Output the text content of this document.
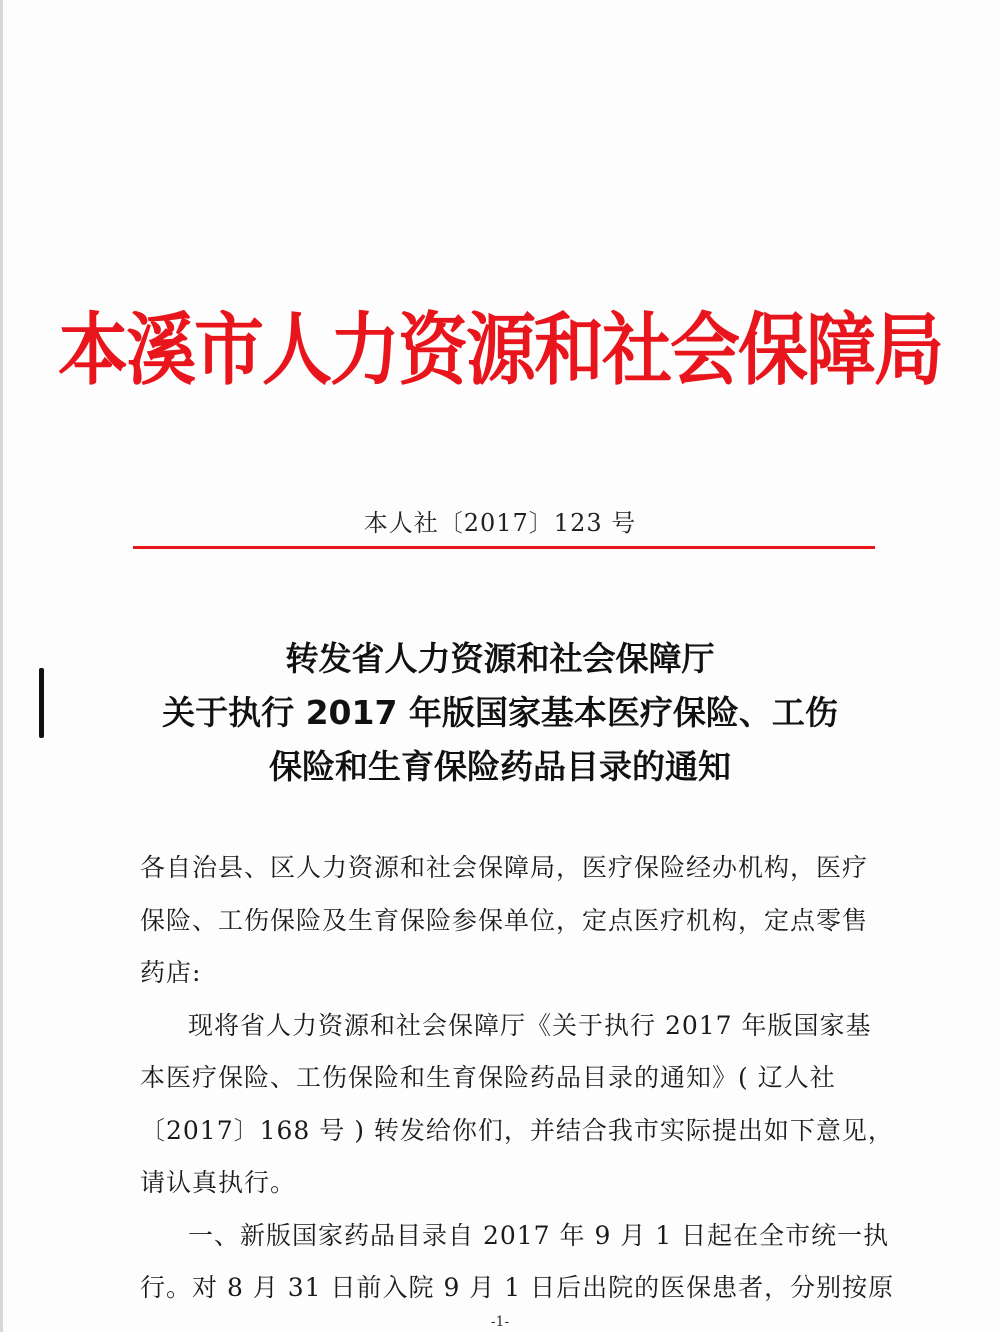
本溪市人力资源和社会保障局
本人社〔2017〕123 号
转发省人力资源和社会保障厅
关于执行 2017 年版国家基本医疗保险、工伤
保险和生育保险药品目录的通知
各自治县、区人力资源和社会保障局，医疗保险经办机构，医疗
保险、工伤保险及生育保险参保单位，定点医疗机构，定点零售
药店:
现将省人力资源和社会保障厅《关于执行 2017 年版国家基
本医疗保险、工伤保险和生育保险药品目录的通知》( 辽人社
〔2017〕168 号 ) 转发给你们，并结合我市实际提出如下意见，
请认真执行。
一、新版国家药品目录自 2017 年 9 月 1 日起在全市统一执
行。对 8 月 31 日前入院 9 月 1 日后出院的医保患者，分别按原
-1-
